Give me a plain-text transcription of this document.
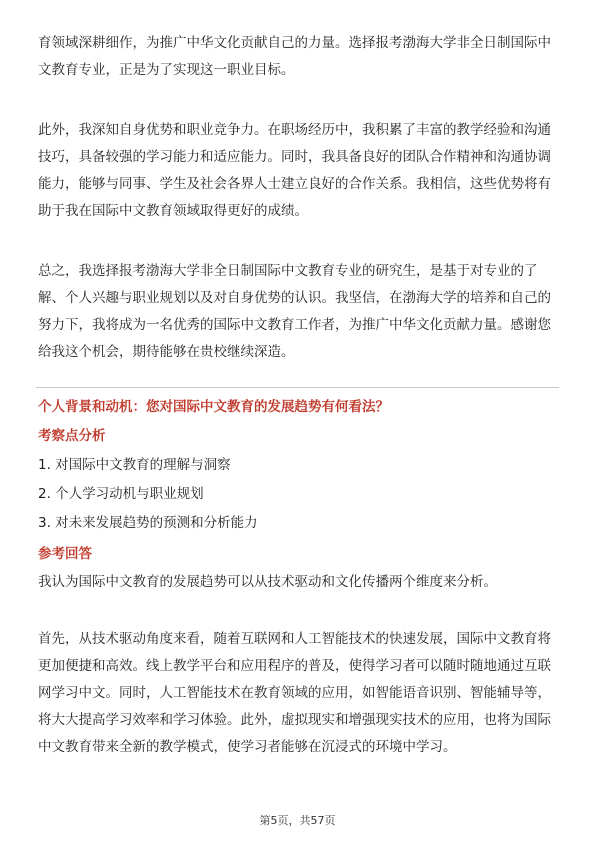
育领域深耕细作，为推广中华文化贡献自己的力量。选择报考渤海大学非全日制国际中文教育专业，正是为了实现这一职业目标。

此外，我深知自身优势和职业竞争力。在职场经历中，我积累了丰富的教学经验和沟通技巧，具备较强的学习能力和适应能力。同时，我具备良好的团队合作精神和沟通协调能力，能够与同事、学生及社会各界人士建立良好的合作关系。我相信，这些优势将有助于我在国际中文教育领域取得更好的成绩。

总之，我选择报考渤海大学非全日制国际中文教育专业的研究生，是基于对专业的了解、个人兴趣与职业规划以及对自身优势的认识。我坚信，在渤海大学的培养和自己的努力下，我将成为一名优秀的国际中文教育工作者，为推广中华文化贡献力量。感谢您给我这个机会，期待能够在贵校继续深造。

个人背景和动机：您对国际中文教育的发展趋势有何看法？

考察点分析

1. 对国际中文教育的理解与洞察
2. 个人学习动机与职业规划
3. 对未来发展趋势的预测和分析能力

参考回答

我认为国际中文教育的发展趋势可以从技术驱动和文化传播两个维度来分析。

首先，从技术驱动角度来看，随着互联网和人工智能技术的快速发展，国际中文教育将更加便捷和高效。线上教学平台和应用程序的普及，使得学习者可以随时随地通过互联网学习中文。同时，人工智能技术在教育领域的应用，如智能语音识别、智能辅导等，将大大提高学习效率和学习体验。此外，虚拟现实和增强现实技术的应用，也将为国际中文教育带来全新的教学模式，使学习者能够在沉浸式的环境中学习。

第5页，共57页
